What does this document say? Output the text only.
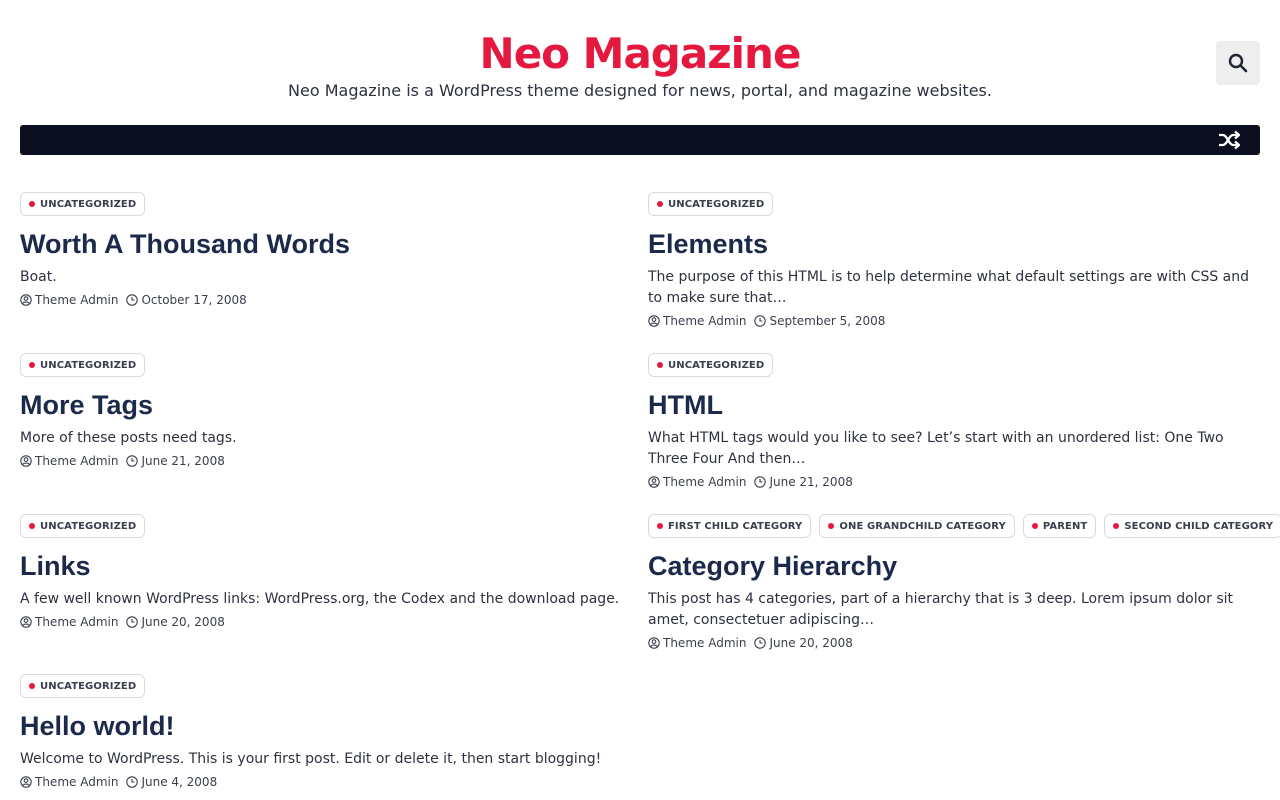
Neo Magazine
Neo Magazine is a WordPress theme designed for news, portal, and magazine websites.
UNCATEGORIZED
Worth A Thousand Words

Boat.

Theme Admin October 17, 2008
UNCATEGORIZED
Elements

The purpose of this HTML is to help determine what default settings are with CSS and to make sure that…

Theme Admin September 5, 2008
UNCATEGORIZED
More Tags

More of these posts need tags.

Theme Admin June 21, 2008
UNCATEGORIZED
HTML

What HTML tags would you like to see? Let’s start with an unordered list: One Two Three Four And then…

Theme Admin June 21, 2008
UNCATEGORIZED
Links

A few well known WordPress links: WordPress.org, the Codex and the download page.

Theme Admin June 20, 2008
FIRST CHILD CATEGORY	ONE GRANDCHILD CATEGORY	PARENT	SECOND CHILD CATEGORY
Category Hierarchy

This post has 4 categories, part of a hierarchy that is 3 deep. Lorem ipsum dolor sit amet, consectetuer adipiscing…

Theme Admin June 20, 2008
UNCATEGORIZED
Hello world!

Welcome to WordPress. This is your first post. Edit or delete it, then start blogging!

Theme Admin June 4, 2008
